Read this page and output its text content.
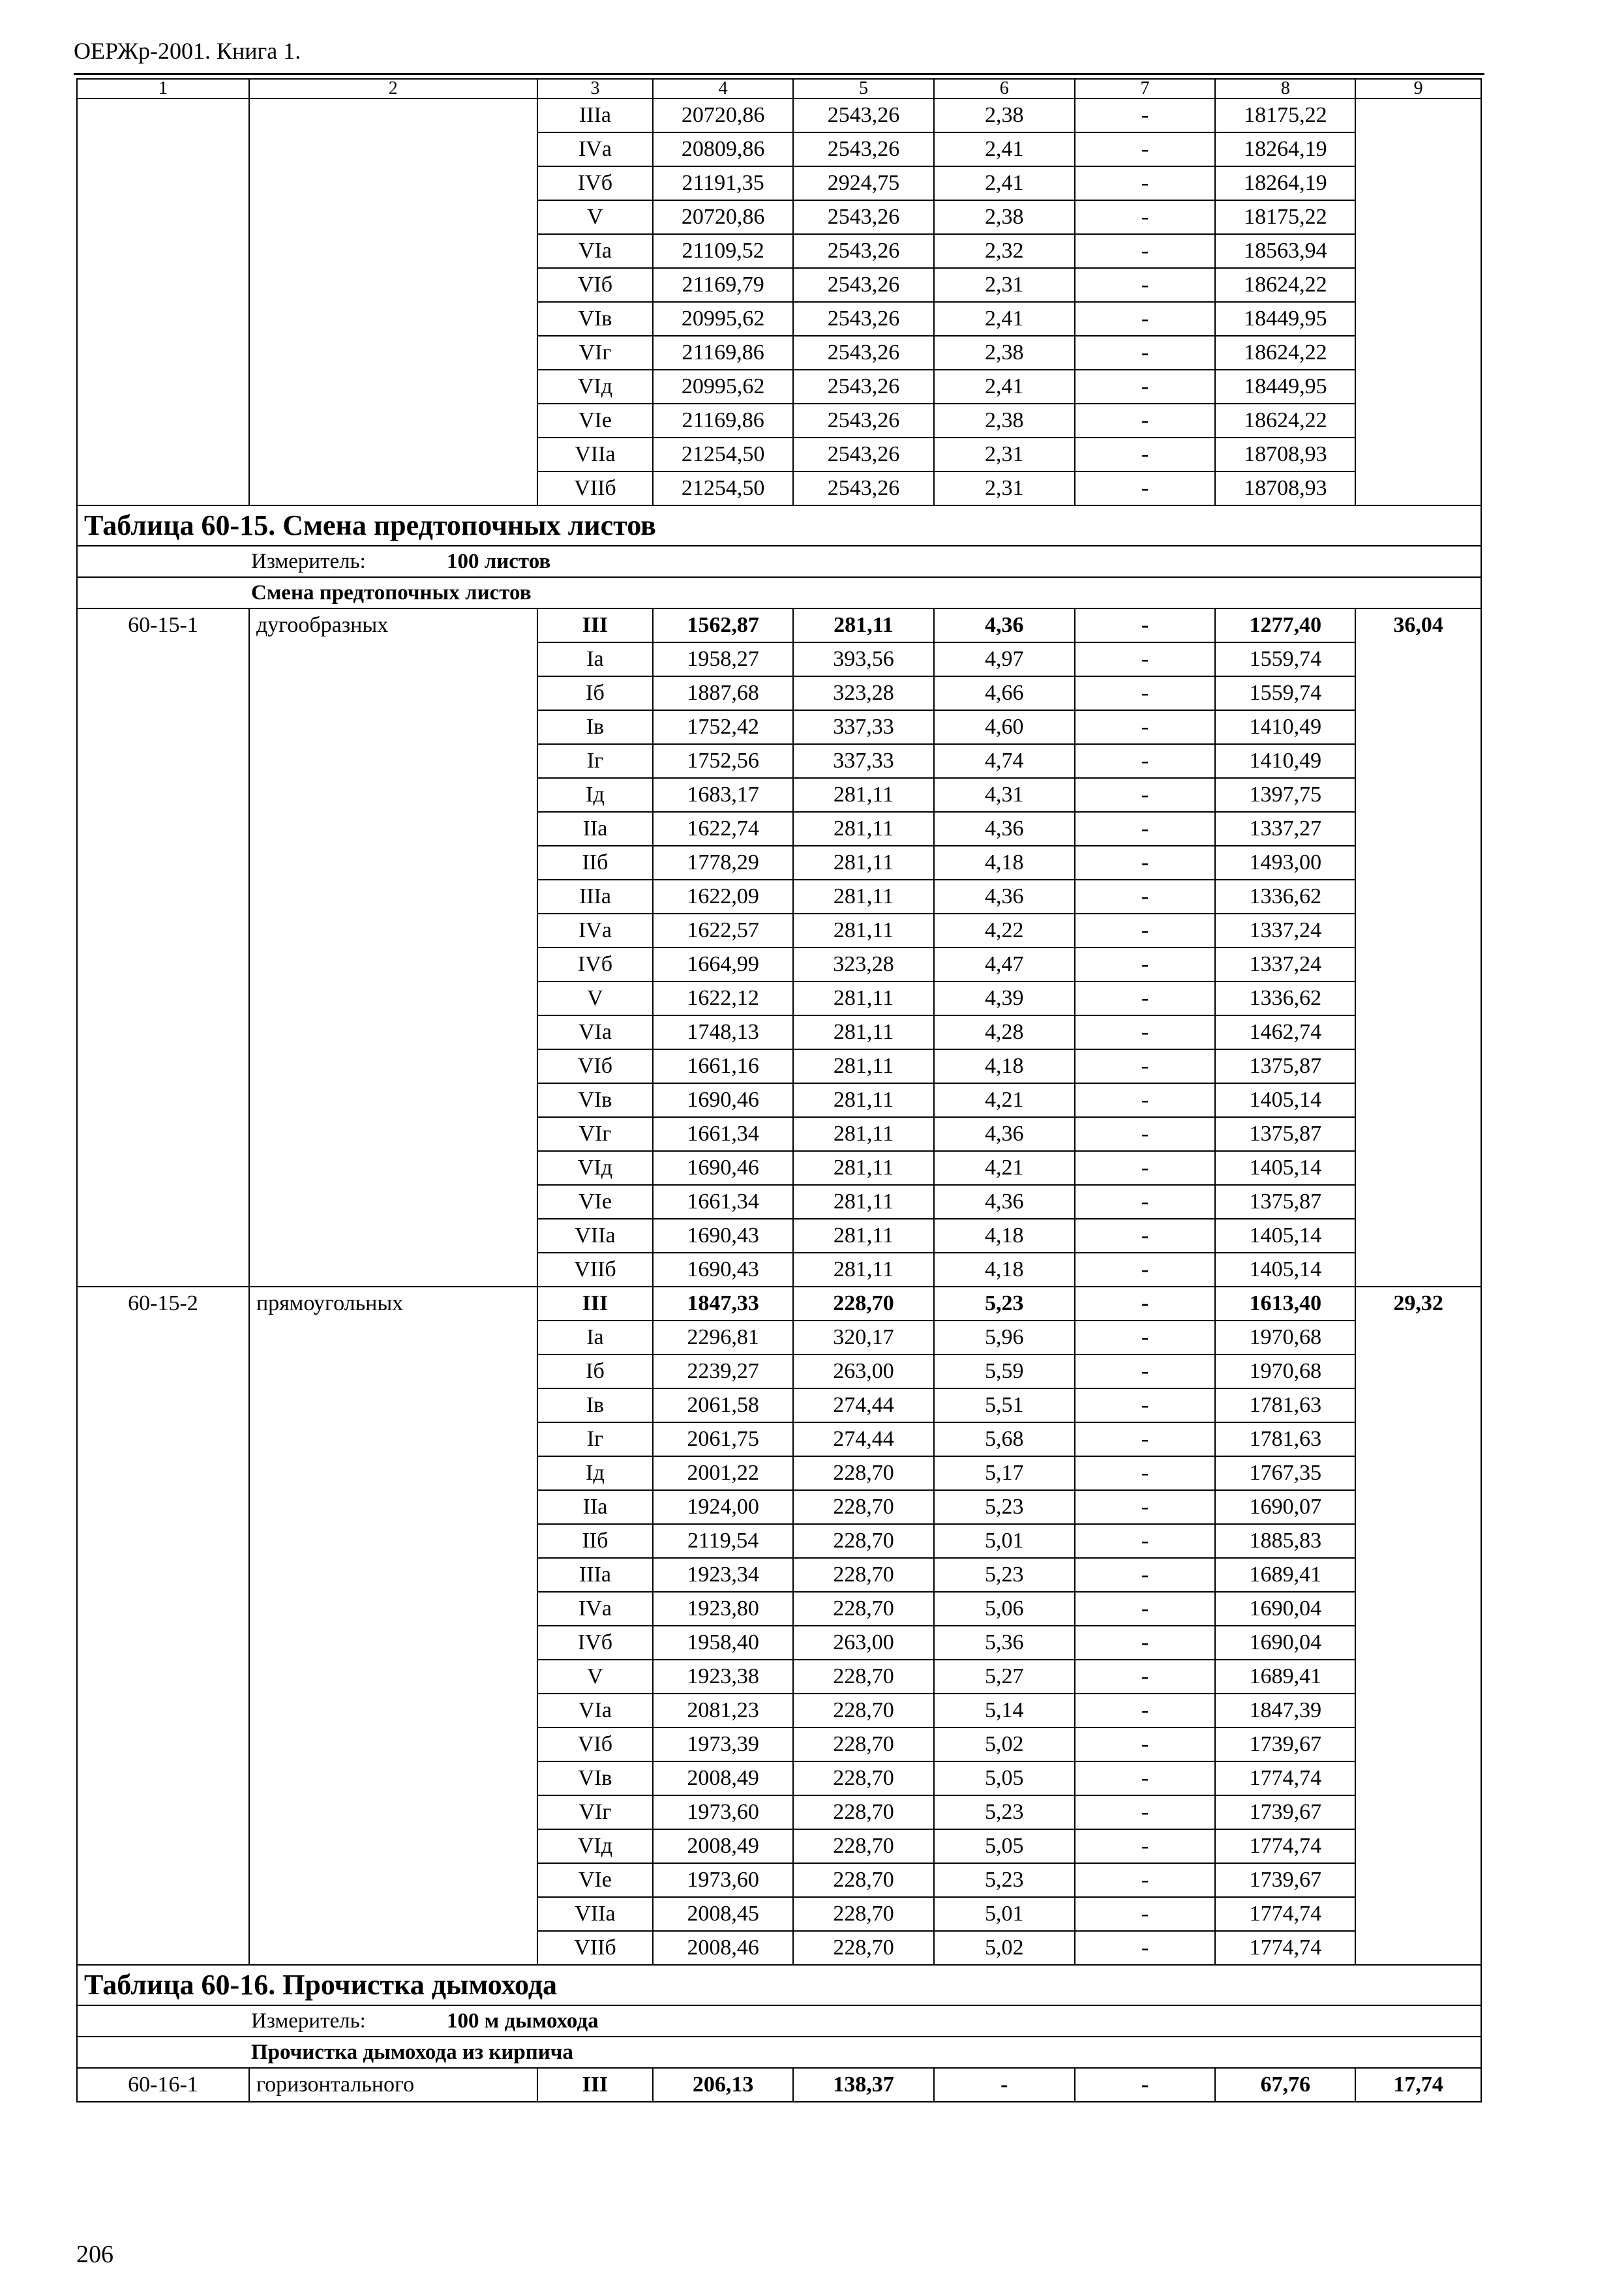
ОЕРЖр-2001. Книга 1.
1	2	3	4	5	6	7	8	9
		IIIа	20720,86	2543,26	2,38	-	18175,22	
		IVа	20809,86	2543,26	2,41	-	18264,19	
		IVб	21191,35	2924,75	2,41	-	18264,19	
		V	20720,86	2543,26	2,38	-	18175,22	
		VIа	21109,52	2543,26	2,32	-	18563,94	
		VIб	21169,79	2543,26	2,31	-	18624,22	
		VIв	20995,62	2543,26	2,41	-	18449,95	
		VIг	21169,86	2543,26	2,38	-	18624,22	
		VIд	20995,62	2543,26	2,41	-	18449,95	
		VIе	21169,86	2543,26	2,38	-	18624,22	
		VIIа	21254,50	2543,26	2,31	-	18708,93	
		VIIб	21254,50	2543,26	2,31	-	18708,93	
Таблица 60-15. Смена предтопочных листов								
Измеритель: 100 листов								
Смена предтопочных листов								
60-15-1	дугообразных	III	1562,87	281,11	4,36	-	1277,40	36,04
		Iа	1958,27	393,56	4,97	-	1559,74	
		Iб	1887,68	323,28	4,66	-	1559,74	
		Iв	1752,42	337,33	4,60	-	1410,49	
		Iг	1752,56	337,33	4,74	-	1410,49	
		Iд	1683,17	281,11	4,31	-	1397,75	
		IIа	1622,74	281,11	4,36	-	1337,27	
		IIб	1778,29	281,11	4,18	-	1493,00	
		IIIа	1622,09	281,11	4,36	-	1336,62	
		IVа	1622,57	281,11	4,22	-	1337,24	
		IVб	1664,99	323,28	4,47	-	1337,24	
		V	1622,12	281,11	4,39	-	1336,62	
		VIа	1748,13	281,11	4,28	-	1462,74	
		VIб	1661,16	281,11	4,18	-	1375,87	
		VIв	1690,46	281,11	4,21	-	1405,14	
		VIг	1661,34	281,11	4,36	-	1375,87	
		VIд	1690,46	281,11	4,21	-	1405,14	
		VIе	1661,34	281,11	4,36	-	1375,87	
		VIIа	1690,43	281,11	4,18	-	1405,14	
		VIIб	1690,43	281,11	4,18	-	1405,14	
60-15-2	прямоугольных	III	1847,33	228,70	5,23	-	1613,40	29,32
		Iа	2296,81	320,17	5,96	-	1970,68	
		Iб	2239,27	263,00	5,59	-	1970,68	
		Iв	2061,58	274,44	5,51	-	1781,63	
		Iг	2061,75	274,44	5,68	-	1781,63	
		Iд	2001,22	228,70	5,17	-	1767,35	
		IIа	1924,00	228,70	5,23	-	1690,07	
		IIб	2119,54	228,70	5,01	-	1885,83	
		IIIа	1923,34	228,70	5,23	-	1689,41	
		IVа	1923,80	228,70	5,06	-	1690,04	
		IVб	1958,40	263,00	5,36	-	1690,04	
		V	1923,38	228,70	5,27	-	1689,41	
		VIа	2081,23	228,70	5,14	-	1847,39	
		VIб	1973,39	228,70	5,02	-	1739,67	
		VIв	2008,49	228,70	5,05	-	1774,74	
		VIг	1973,60	228,70	5,23	-	1739,67	
		VIд	2008,49	228,70	5,05	-	1774,74	
		VIе	1973,60	228,70	5,23	-	1739,67	
		VIIа	2008,45	228,70	5,01	-	1774,74	
		VIIб	2008,46	228,70	5,02	-	1774,74	
Таблица 60-16. Прочистка дымохода								
Измеритель: 100 м дымохода								
Прочистка дымохода из кирпича								
60-16-1	горизонтального	III	206,13	138,37	-	-	67,76	17,74
206
